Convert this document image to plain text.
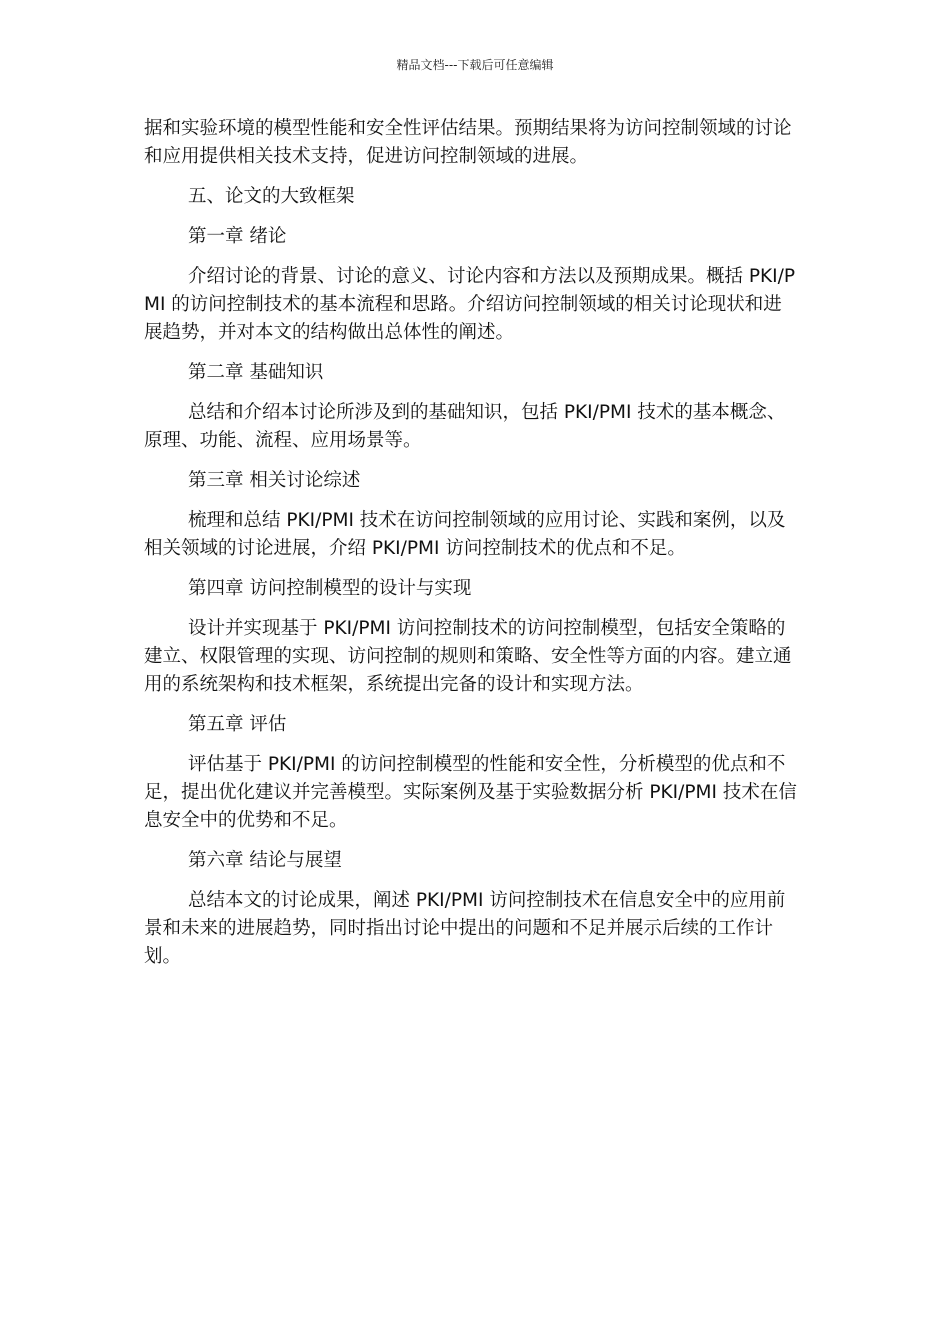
精品文档---下载后可任意编辑

据和实验环境的模型性能和安全性评估结果。预期结果将为访问控制领域的讨论和应用提供相关技术支持，促进访问控制领域的进展。

五、论文的大致框架

第一章 绪论

介绍讨论的背景、讨论的意义、讨论内容和方法以及预期成果。概括 PKI/PMI 的访问控制技术的基本流程和思路。介绍访问控制领域的相关讨论现状和进展趋势，并对本文的结构做出总体性的阐述。

第二章 基础知识

总结和介绍本讨论所涉及到的基础知识，包括 PKI/PMI 技术的基本概念、原理、功能、流程、应用场景等。

第三章 相关讨论综述

梳理和总结 PKI/PMI 技术在访问控制领域的应用讨论、实践和案例，以及相关领域的讨论进展，介绍 PKI/PMI 访问控制技术的优点和不足。

第四章 访问控制模型的设计与实现

设计并实现基于 PKI/PMI 访问控制技术的访问控制模型，包括安全策略的建立、权限管理的实现、访问控制的规则和策略、安全性等方面的内容。建立通用的系统架构和技术框架，系统提出完备的设计和实现方法。

第五章 评估

评估基于 PKI/PMI 的访问控制模型的性能和安全性，分析模型的优点和不足，提出优化建议并完善模型。实际案例及基于实验数据分析 PKI/PMI 技术在信息安全中的优势和不足。

第六章 结论与展望

总结本文的讨论成果，阐述 PKI/PMI 访问控制技术在信息安全中的应用前景和未来的进展趋势，同时指出讨论中提出的问题和不足并展示后续的工作计划。
